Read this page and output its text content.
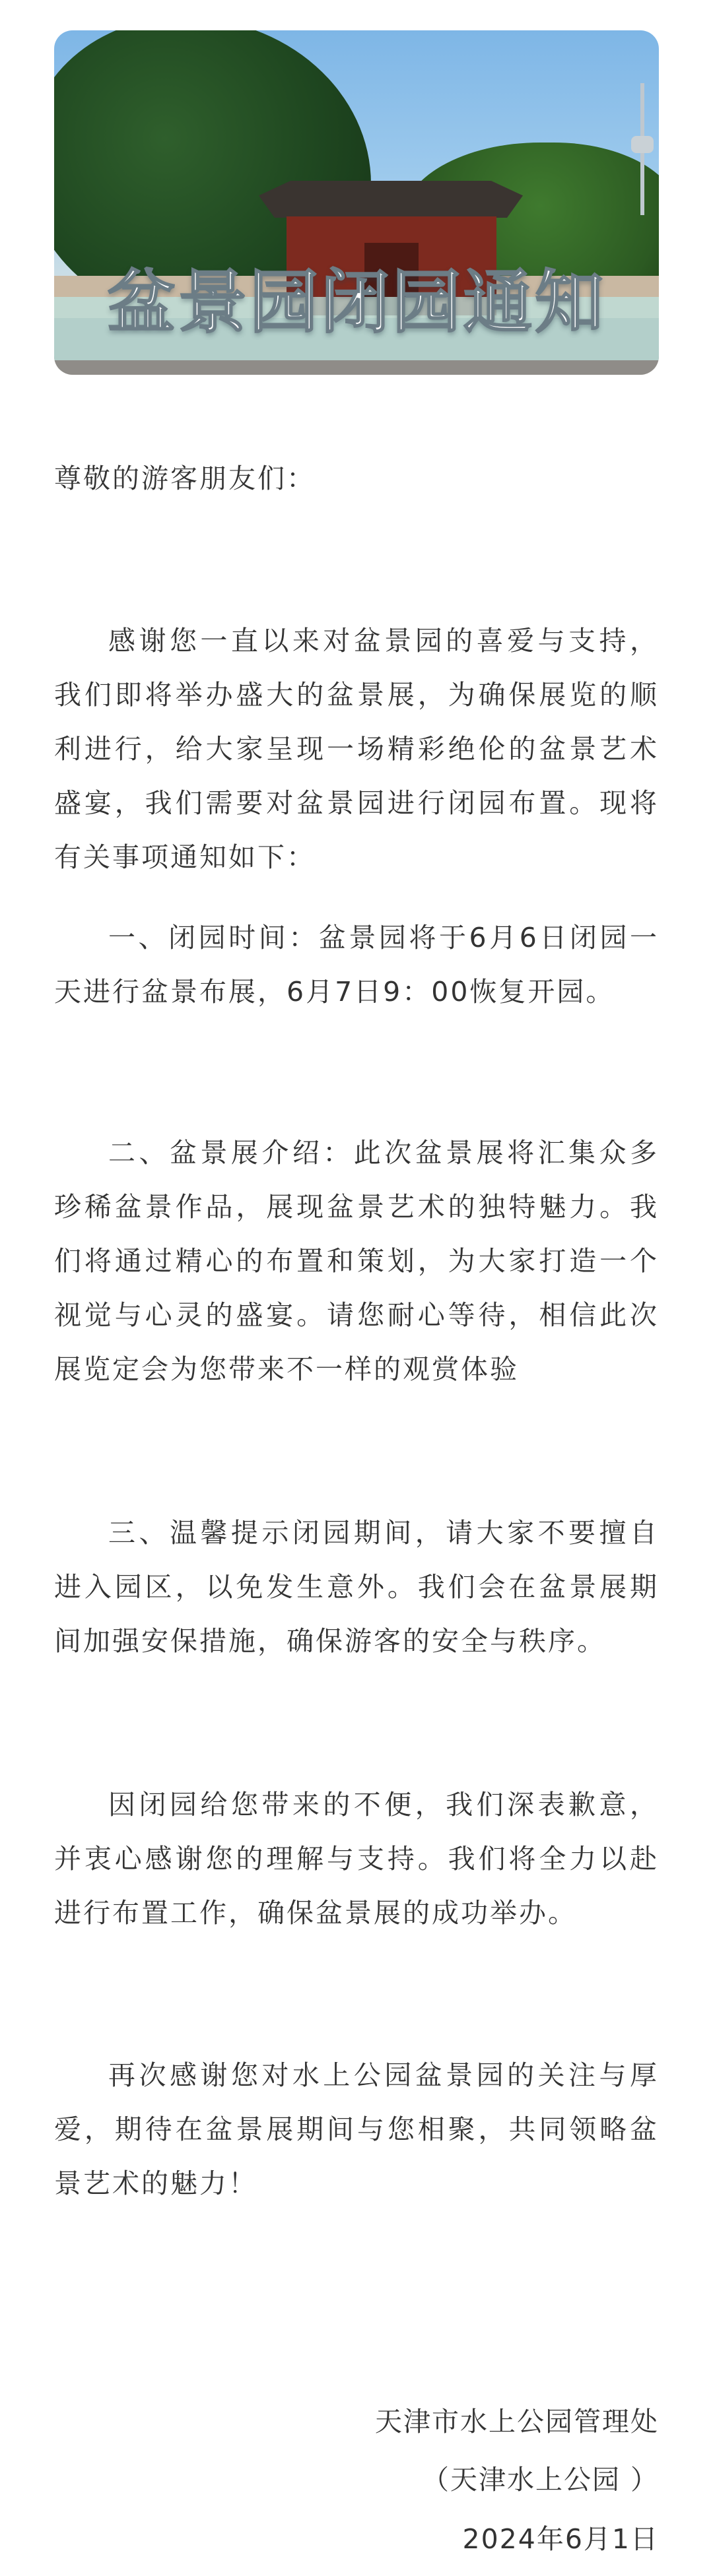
盆景园闭园通知

尊敬的游客朋友们：

感谢您一直以来对盆景园的喜爱与支持，我们即将举办盛大的盆景展，为确保展览的顺利进行，给大家呈现一场精彩绝伦的盆景艺术盛宴，我们需要对盆景园进行闭园布置。现将有关事项通知如下：

一、闭园时间：盆景园将于6月6日闭园一天进行盆景布展，6月7日9：00恢复开园。

二、盆景展介绍：此次盆景展将汇集众多珍稀盆景作品，展现盆景艺术的独特魅力。我们将通过精心的布置和策划，为大家打造一个视觉与心灵的盛宴。请您耐心等待，相信此次展览定会为您带来不一样的观赏体验

三、温馨提示闭园期间，请大家不要擅自进入园区，以免发生意外。我们会在盆景展期间加强安保措施，确保游客的安全与秩序。

因闭园给您带来的不便，我们深表歉意，并衷心感谢您的理解与支持。我们将全力以赴进行布置工作，确保盆景展的成功举办。

再次感谢您对水上公园盆景园的关注与厚爱，期待在盆景展期间与您相聚，共同领略盆景艺术的魅力！

天津市水上公园管理处

（天津水上公园 ）

2024年6月1日
